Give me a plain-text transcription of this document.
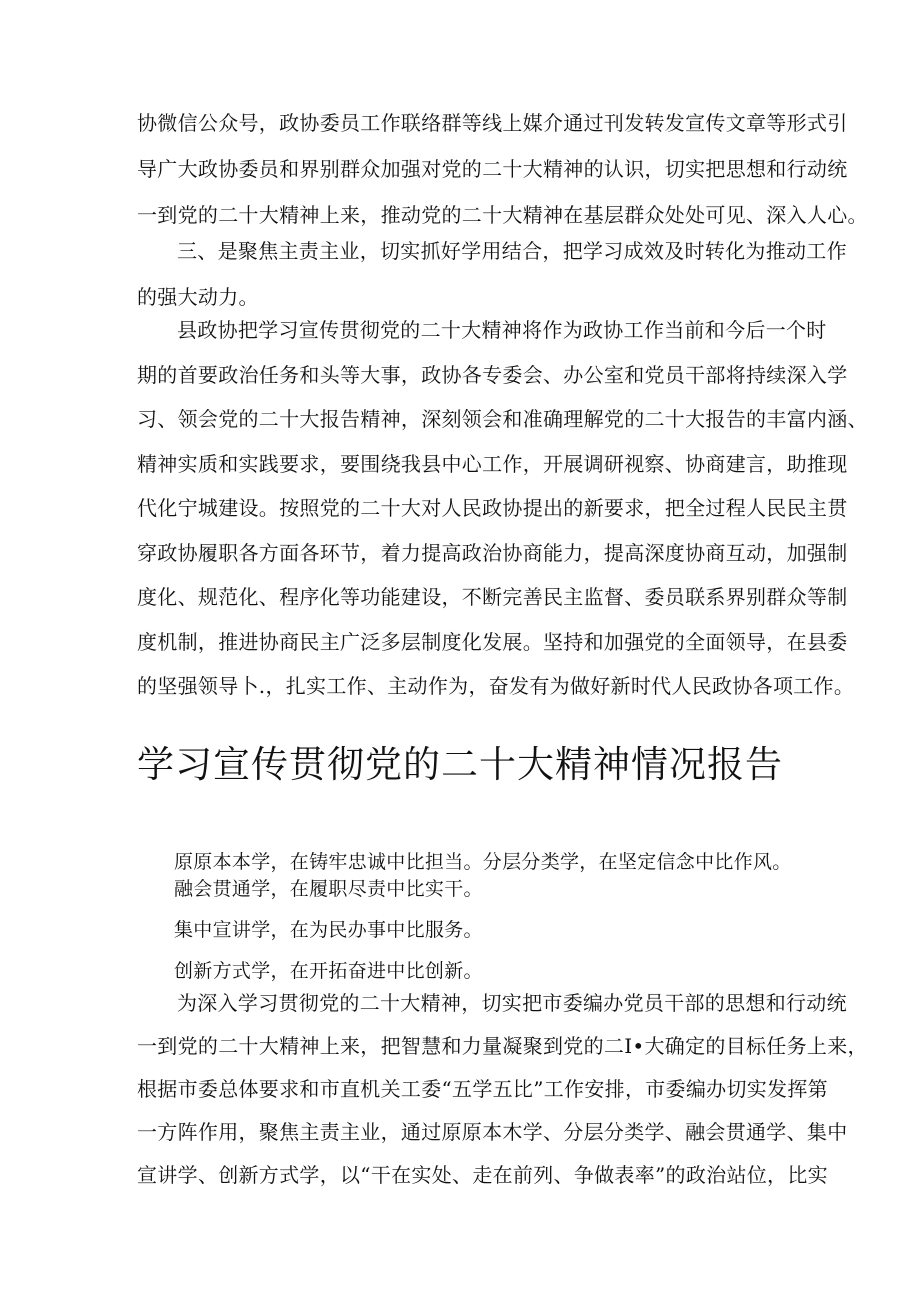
协微信公众号，政协委员工作联络群等线上媒介通过刊发转发宣传文章等形式引
导广大政协委员和界别群众加强对党的二十大精神的认识，切实把思想和行动统
一到党的二十大精神上来，推动党的二十大精神在基层群众处处可见、深入人心。
三、是聚焦主责主业，切实抓好学用结合，把学习成效及时转化为推动工作
的强大动力。
县政协把学习宣传贯彻党的二十大精神将作为政协工作当前和今后一个时
期的首要政治任务和头等大事，政协各专委会、办公室和党员干部将持续深入学
习、领会党的二十大报告精神，深刻领会和准确理解党的二十大报告的丰富内涵、
精神实质和实践要求，要围绕我县中心工作，开展调研视察、协商建言，助推现
代化宁城建设。按照党的二十大对人民政协提出的新要求，把全过程人民民主贯
穿政协履职各方面各环节，着力提高政治协商能力，提高深度协商互动，加强制
度化、规范化、程序化等功能建设，不断完善民主监督、委员联系界别群众等制
度机制，推进协商民主广泛多层制度化发展。坚持和加强党的全面领导，在县委
的坚强领导卜.，扎实工作、主动作为，奋发有为做好新时代人民政协各项工作。
学习宣传贯彻党的二十大精神情况报告
原原本本学，在铸牢忠诚中比担当。分层分类学，在坚定信念中比作风。
融会贯通学，在履职尽责中比实干。
集中宣讲学，在为民办事中比服务。
创新方式学，在开拓奋进中比创新。
为深入学习贯彻党的二十大精神，切实把市委编办党员干部的思想和行动统
一到党的二十大精神上来，把智慧和力量凝聚到党的二I•大确定的目标任务上来，
根据市委总体要求和市直机关工委“五学五比”工作安排，市委编办切实发挥第
一方阵作用，聚焦主责主业，通过原原本木学、分层分类学、融会贯通学、集中
宣讲学、创新方式学，以“干在实处、走在前列、争做表率”的政治站位，比实
